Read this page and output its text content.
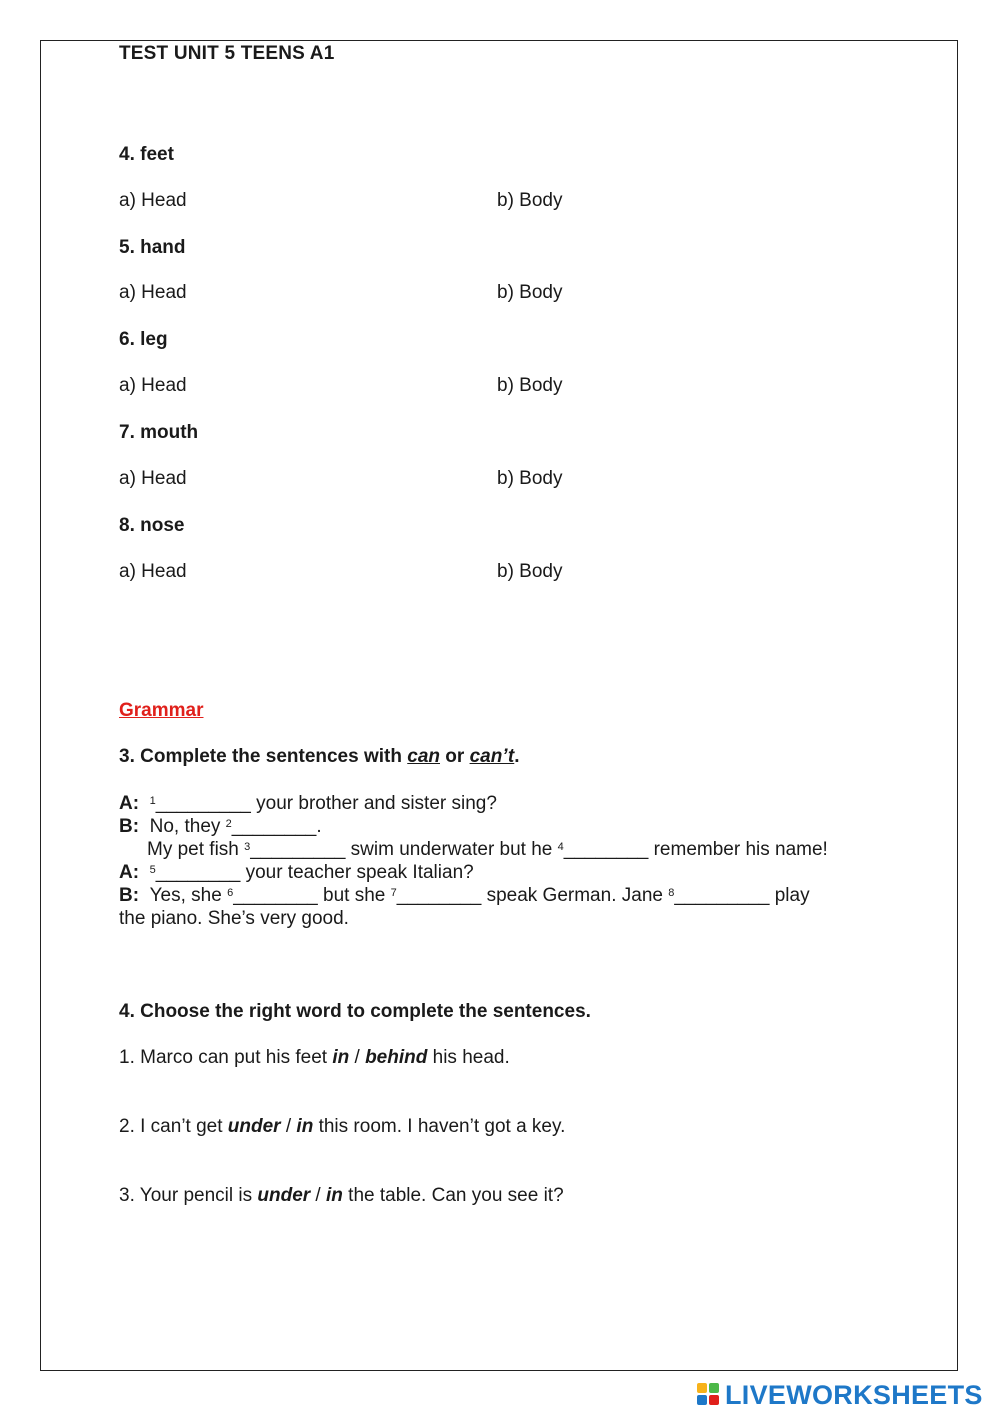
TEST UNIT 5 TEENS A1
4. feet
a) Head	b) Body
5. hand
a) Head	b) Body
6. leg
a) Head	b) Body
7. mouth
a) Head	b) Body
8. nose
a) Head	b) Body
Grammar
3. Complete the sentences with can or can’t.
A: $^1$_________ your brother and sister sing?
B: No, they $^2$________.
My pet fish $^3$_________ swim underwater but he $^4$________ remember his name!
A: $^5$________ your teacher speak Italian?
B: Yes, she $^6$________ but she $^7$________ speak German. Jane $^8$_________ play
the piano. She’s very good.
4. Choose the right word to complete the sentences.
1. Marco can put his feet in / behind his head.
2. I can’t get under / in this room. I haven’t got a key.
3. Your pencil is under / in the table. Can you see it?
LIVEWORKSHEETS
